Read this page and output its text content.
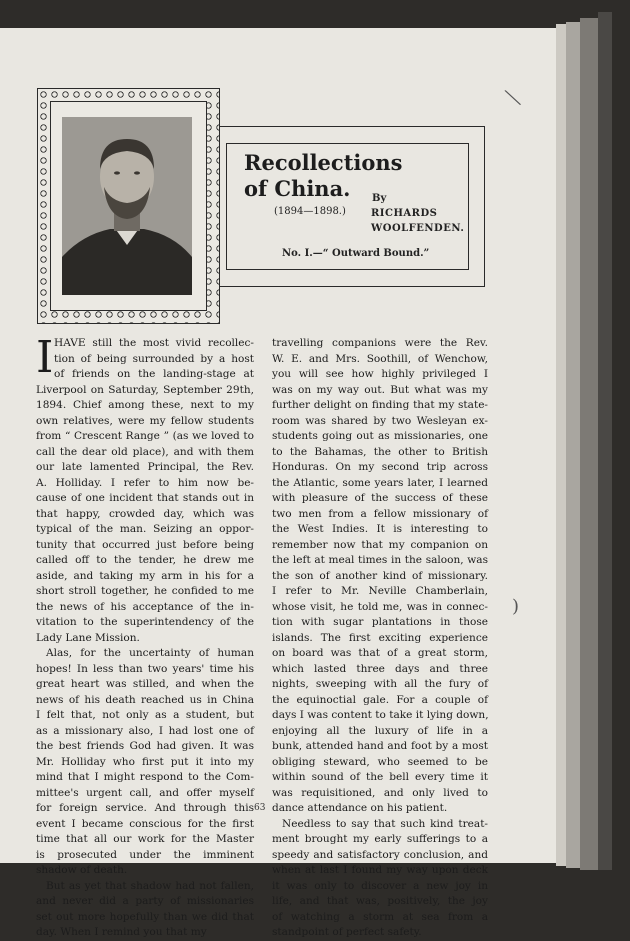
Recollections
of China.
(1894—1898.)
By
RICHARDS
WOOLFENDEN.
No. I.—“ Outward Bound.”
I HAVE still the most vivid recollec-
tion of being surrounded by a host
of friends on the landing-stage at
Liverpool on Saturday, September 29th,
1894. Chief among these, next to my
own relatives, were my fellow students
from “ Crescent Range ” (as we loved to
call the dear old place), and with them
our late lamented Principal, the Rev.
A. Holliday. I refer to him now be-
cause of one incident that stands out in
that happy, crowded day, which was
typical of the man. Seizing an oppor-
tunity that occurred just before being
called off to the tender, he drew me
aside, and taking my arm in his for a
short stroll together, he confided to me
the news of his acceptance of the in-
vitation to the superintendency of the
Lady Lane Mission.
Alas, for the uncertainty of human
hopes! In less than two years' time his
great heart was stilled, and when the
news of his death reached us in China
I felt that, not only as a student, but
as a missionary also, I had lost one of
the best friends God had given. It was
Mr. Holliday who first put it into my
mind that I might respond to the Com-
mittee's urgent call, and offer myself
for foreign service. And through this
event I became conscious for the first
time that all our work for the Master
is prosecuted under the imminent
shadow of death.
But as yet that shadow had not fallen,
and never did a party of missionaries
set out more hopefully than we did that
day. When I remind you that my
travelling companions were the Rev.
W. E. and Mrs. Soothill, of Wenchow,
you will see how highly privileged I
was on my way out. But what was my
further delight on finding that my state-
room was shared by two Wesleyan ex-
students going out as missionaries, one
to the Bahamas, the other to British
Honduras. On my second trip across
the Atlantic, some years later, I learned
with pleasure of the success of these
two men from a fellow missionary of
the West Indies. It is interesting to
remember now that my companion on
the left at meal times in the saloon, was
the son of another kind of missionary.
I refer to Mr. Neville Chamberlain,
whose visit, he told me, was in connec-
tion with sugar plantations in those
islands. The first exciting experience
on board was that of a great storm,
which lasted three days and three
nights, sweeping with all the fury of
the equinoctial gale. For a couple of
days I was content to take it lying down,
enjoying all the luxury of life in a
bunk, attended hand and foot by a most
obliging steward, who seemed to be
within sound of the bell every time it
was requisitioned, and only lived to
dance attendance on his patient.
Needless to say that such kind treat-
ment brought my early sufferings to a
speedy and satisfactory conclusion, and
when at last I found my way upon deck
it was only to discover a new joy in
life, and that was, positively, the joy
of watching a storm at sea from a
standpoint of perfect safety.
63
╲
)
